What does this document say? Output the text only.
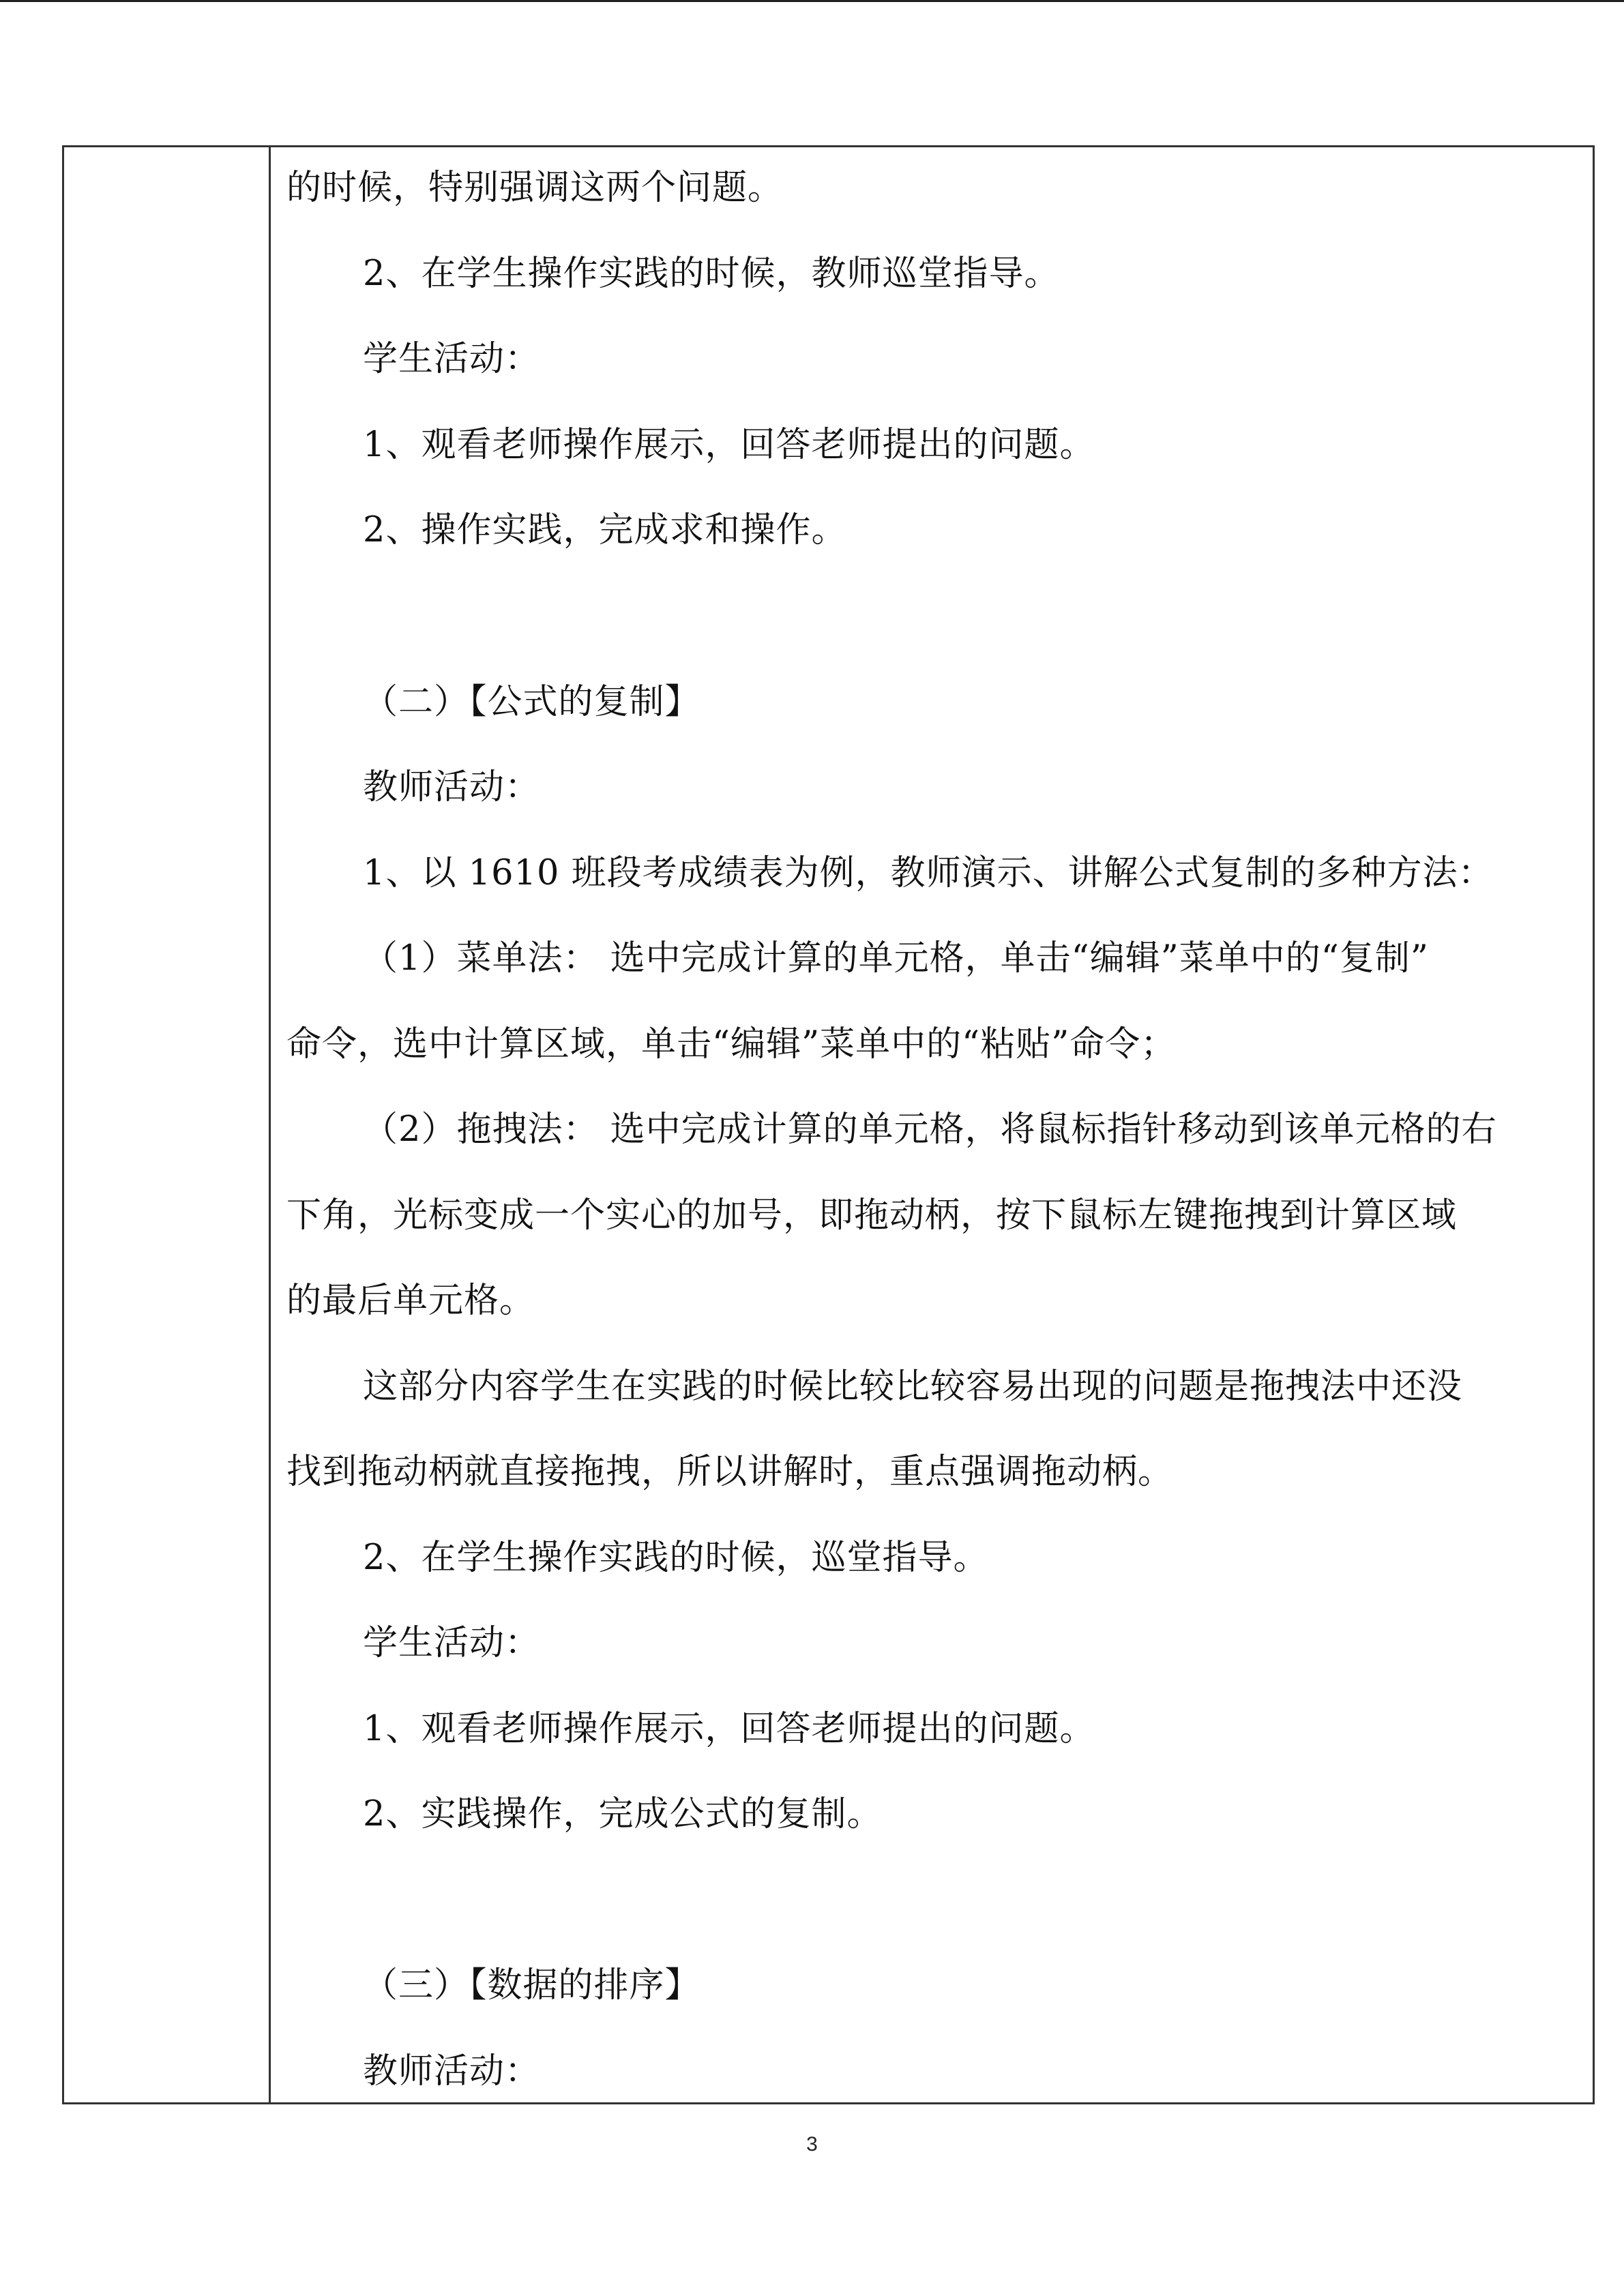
的时候，特别强调这两个问题。
2、在学生操作实践的时候，教师巡堂指导。
学生活动：
1、观看老师操作展示，回答老师提出的问题。
2、操作实践，完成求和操作。
（二）【公式的复制】
教师活动：
1、以 1610 班段考成绩表为例，教师演示、讲解公式复制的多种方法：
（1）菜单法： 选中完成计算的单元格，单击“编辑”菜单中的“复制”
命令，选中计算区域，单击“编辑”菜单中的“粘贴”命令；
（2）拖拽法： 选中完成计算的单元格，将鼠标指针移动到该单元格的右
下角，光标变成一个实心的加号，即拖动柄，按下鼠标左键拖拽到计算区域
的最后单元格。
这部分内容学生在实践的时候比较比较容易出现的问题是拖拽法中还没
找到拖动柄就直接拖拽，所以讲解时，重点强调拖动柄。
2、在学生操作实践的时候，巡堂指导。
学生活动：
1、观看老师操作展示，回答老师提出的问题。
2、实践操作，完成公式的复制。
（三）【数据的排序】
教师活动：
3
